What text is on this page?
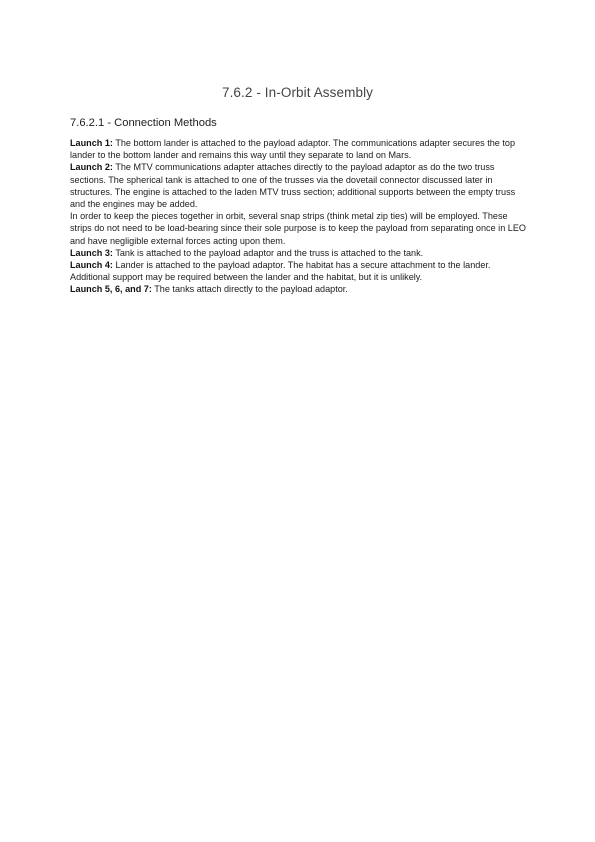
7.6.2 - In-Orbit Assembly
7.6.2.1 - Connection Methods

Launch 1: The bottom lander is attached to the payload adaptor. The communications adapter secures the top lander to the bottom lander and remains this way until they separate to land on Mars.

Launch 2: The MTV communications adapter attaches directly to the payload adaptor as do the two truss sections. The spherical tank is attached to one of the trusses via the dovetail connector discussed later in structures. The engine is attached to the laden MTV truss section; additional supports between the empty truss and the engines may be added.

In order to keep the pieces together in orbit, several snap strips (think metal zip ties) will be employed. These strips do not need to be load-bearing since their sole purpose is to keep the payload from separating once in LEO and have negligible external forces acting upon them.

Launch 3: Tank is attached to the payload adaptor and the truss is attached to the tank.

Launch 4: Lander is attached to the payload adaptor. The habitat has a secure attachment to the lander. Additional support may be required between the lander and the habitat, but it is unlikely.

Launch 5, 6, and 7: The tanks attach directly to the payload adaptor.
